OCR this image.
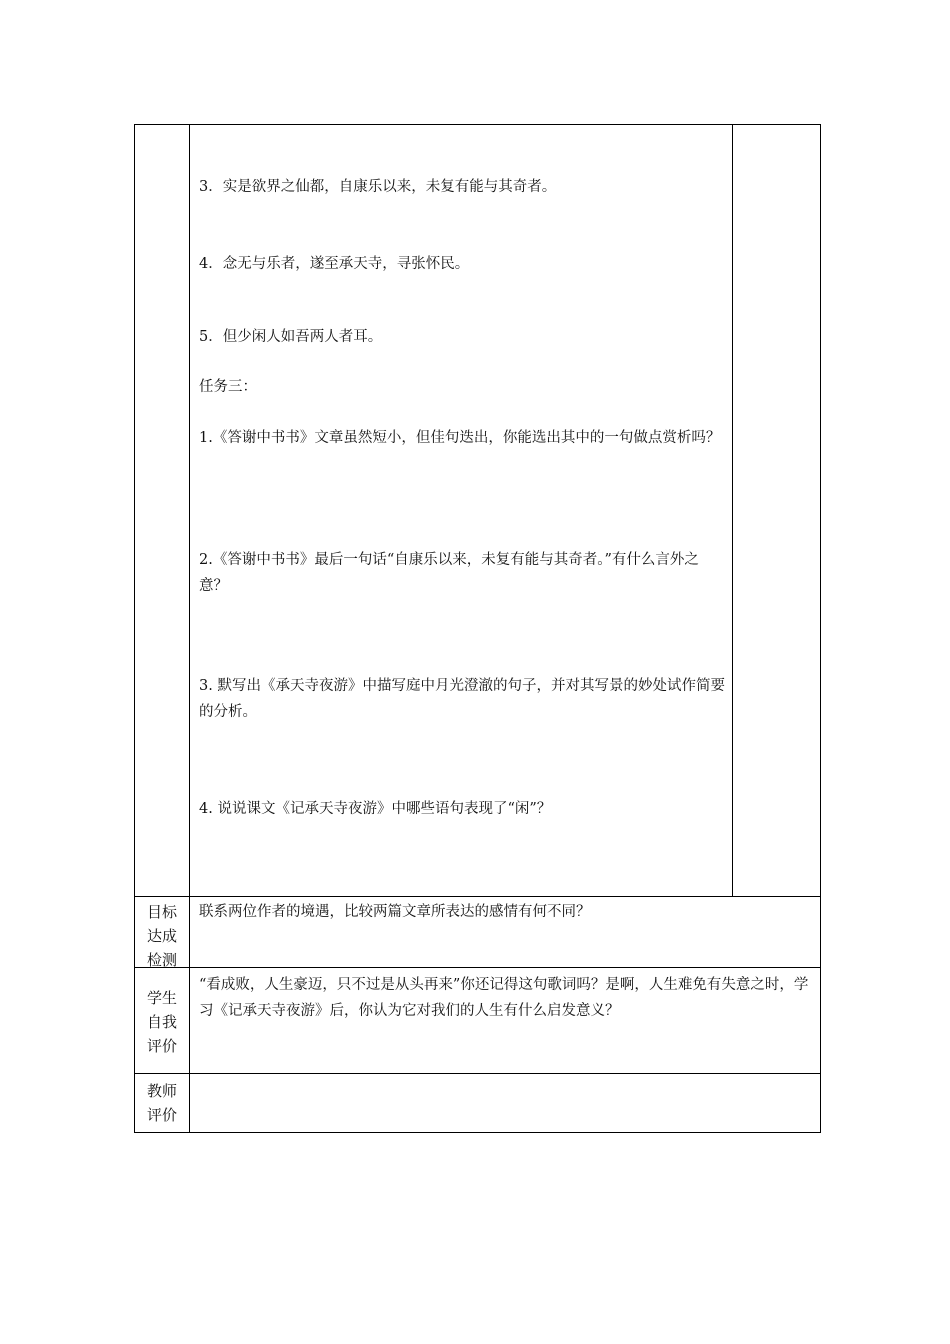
3．实是欲界之仙都，自康乐以来，未复有能与其奇者。
4．念无与乐者，遂至承天寺，寻张怀民。
5．但少闲人如吾两人者耳。
任务三：
1.《答谢中书书》文章虽然短小，但佳句迭出，你能选出其中的一句做点赏析吗？
2.《答谢中书书》最后一句话“自康乐以来，未复有能与其奇者。”有什么言外之意？
3. 默写出《承天寺夜游》中描写庭中月光澄澈的句子，并对其写景的妙处试作简要的分析。
4. 说说课文《记承天寺夜游》中哪些语句表现了“闲”？
目标
达成
检测
联系两位作者的境遇，比较两篇文章所表达的感情有何不同？
学生
自我
评价
“看成败，人生豪迈，只不过是从头再来”你还记得这句歌词吗？是啊，人生难免有失意之时，学习《记承天寺夜游》后，你认为它对我们的人生有什么启发意义？
教师
评价
